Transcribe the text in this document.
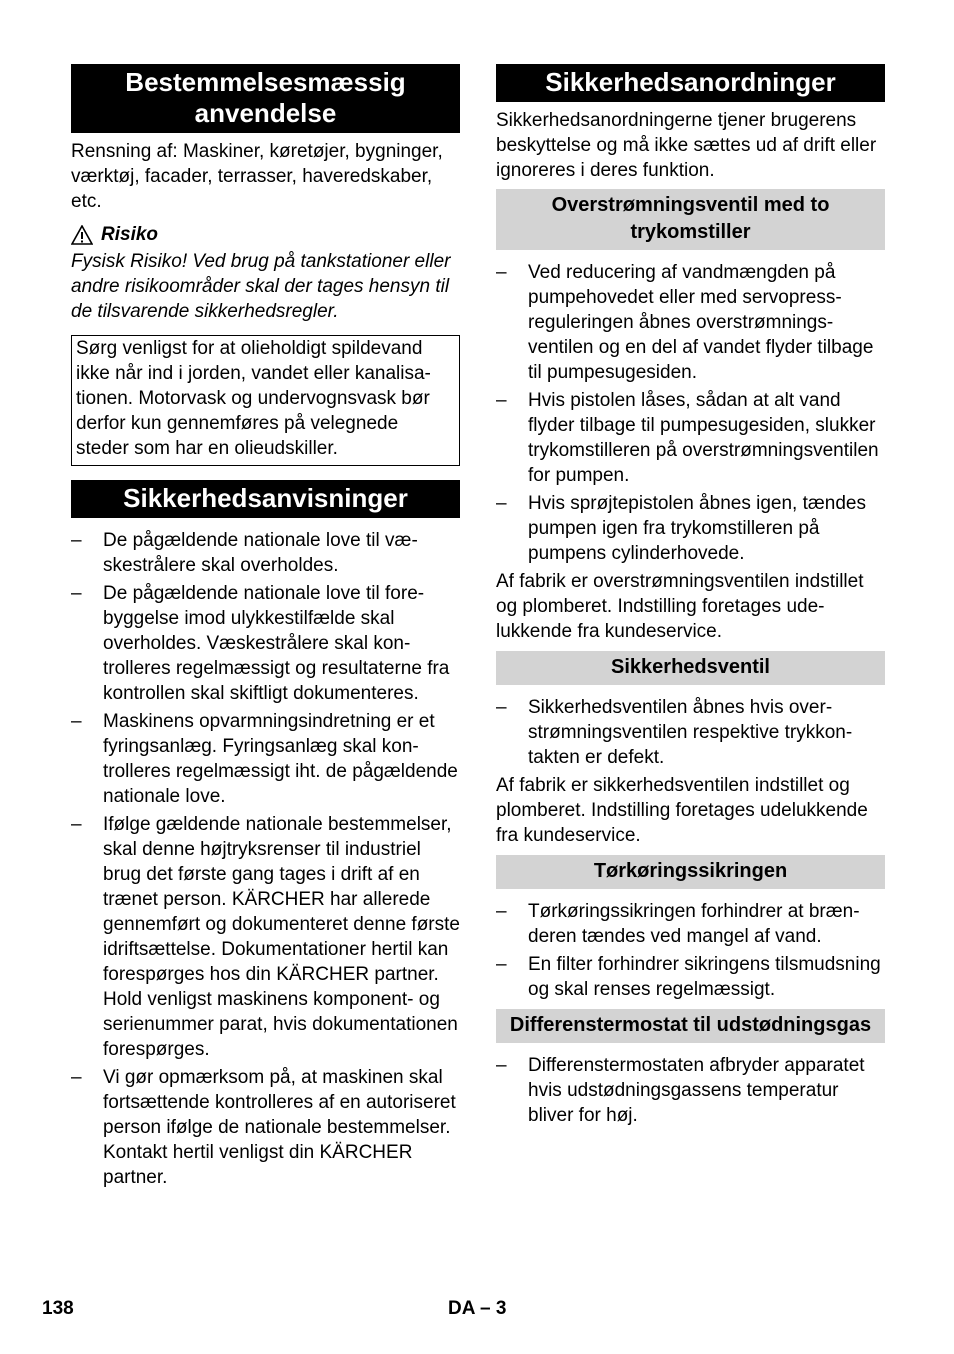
Bestemmelsesmæssig anvendelse

Rensning af: Maskiner, køretøjer, bygninger, værktøj, facader, terrasser, haveredskaber, etc.

Risiko

Fysisk Risiko! Ved brug på tankstationer eller andre risikoområder skal der tages hensyn til de tilsvarende sikkerhedsregler.

Sørg venligst for at olieholdigt spildevand ikke når ind i jorden, vandet eller kanalisationen. Motorvask og undervognsvask bør derfor kun gennemføres på velegnede steder som har en olieudskiller.

Sikkerhedsanvisninger
– De pågældende nationale love til væskestrålere skal overholdes.
– De pågældende nationale love til forebyggelse imod ulykkestilfælde skal overholdes. Væskestrålere skal kontrolleres regelmæssigt og resultaterne fra kontrollen skal skiftligt dokumenteres.
– Maskinens opvarmningsindretning er et fyringsanlæg. Fyringsanlæg skal kontrolleres regelmæssigt iht. de pågældende nationale love.
– Ifølge gældende nationale bestemmelser, skal denne højtryksrenser til industriel brug det første gang tages i drift af en trænet person. KÄRCHER har allerede gennemført og dokumenteret denne første idriftsættelse. Dokumentationer hertil kan forespørges hos din KÄRCHER partner. Hold venligst maskinens komponent- og serienummer parat, hvis dokumentationen forespørges.
– Vi gør opmærksom på, at maskinen skal fortsættende kontrolleres af en autoriseret person ifølge de nationale bestemmelser. Kontakt hertil venligst din KÄRCHER partner.
Sikkerhedsanordninger

Sikkerhedsanordningerne tjener brugerens beskyttelse og må ikke sættes ud af drift eller ignoreres i deres funktion.

Overstrømningsventil med to trykomstiller
– Ved reducering af vandmængden på pumpehovedet eller med servopress-reguleringen åbnes overstrømningsventilen og en del af vandet flyder tilbage til pumpesugesiden.
– Hvis pistolen låses, sådan at alt vand flyder tilbage til pumpesugesiden, slukker trykomstilleren på overstrømningsventilen for pumpen.
– Hvis sprøjtepistolen åbnes igen, tændes pumpen igen fra trykomstilleren på pumpens cylinderhovede.

Af fabrik er overstrømningsventilen indstillet og plomberet. Indstilling foretages udelukkende fra kundeservice.

Sikkerhedsventil
– Sikkerhedsventilen åbnes hvis overstrømningsventilen respektive trykkontakten er defekt.

Af fabrik er sikkerhedsventilen indstillet og plomberet. Indstilling foretages udelukkende fra kundeservice.

Tørkøringssikringen
– Tørkøringssikringen forhindrer at brænderen tændes ved mangel af vand.
– En filter forhindrer sikringens tilsmudsning og skal renses regelmæssigt.
Differenstermostat til udstødningsgas
– Differenstermostaten afbryder apparatet hvis udstødningsgassens temperatur bliver for høj.
138	DA – 3
